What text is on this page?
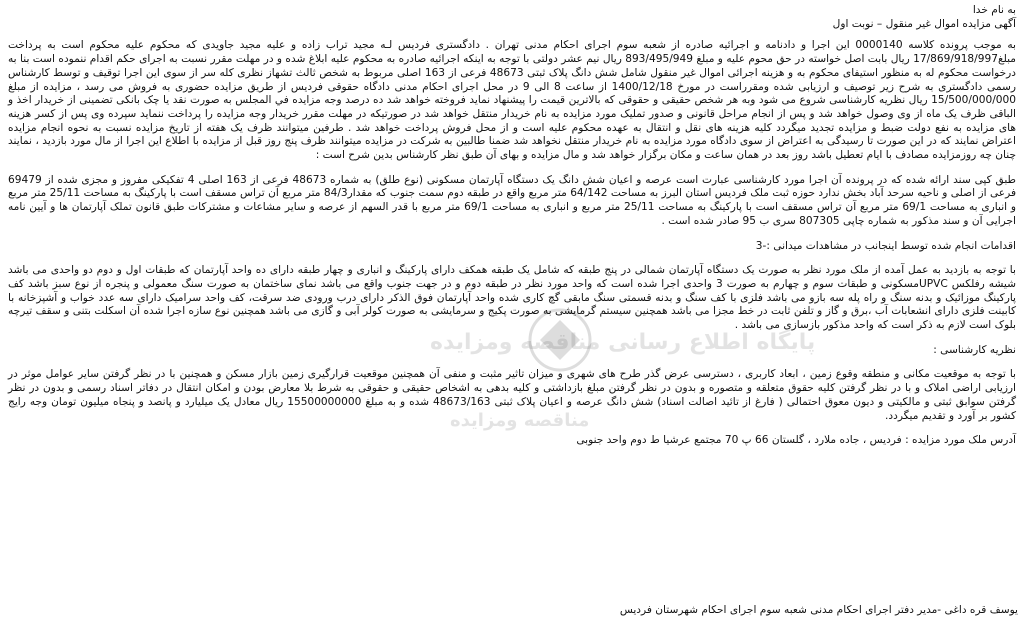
به نام خدا
آگهی مزایده اموال غیر منقول – نوبت اول

به موجب پرونده کلاسه 0000140 اين اجرا و دادنامه و اجرائيه صادره از شعبه سوم اجرای احکام مدنی تهران . دادگستری فردیس لـه مجید تراب زاده و علیه مجید جاویدی که محکوم علیه محکوم است به پرداخت مبلغ17/869/918/997 ريال بابت اصل خواسته در حق محوم علیه و مبلغ 893/495/949 ريال نيم عشر دولتی با توجه به اینکه اجرائیه صادره به محکوم عليه ابلاغ شده و در مهلت مقرر نسبت به اجرای حکم اقدام ننموده است بنا به درخواست محکوم له به منظور استيفای محکوم به و هزينه اجرائی اموال غير منقول شامل شش دانگ پلاک ثبتی 48673 فرعی از 163 اصلی مربوط به شخص ثالث تشهاز نظری کله سر از سوی این اجرا توقيف و توسط کارشناس رسمی دادگستری به شرح زیر توصيف و ارزيابی شده ومقرراست در مورخ 1400/12/18 از ساعت 8 الی 9 در محل اجرای احکام مدنی دادگاه حقوقی فردیس از طريق مزايده حضوری به فروش می رسد ، مزايده از مبلغ 15/500/000/000 ريال نظريه کارشناسی شروع می شود وبه هر شخص حقيقی و حقوقی که بالاترين قيمت را پيشنهاد نمايد فروخته خواهد شد ده درصد وجه مزايده في المجلس به صورت نقد يا چک بانکی تضمينی از خريدار اخذ و الباقی ظرف يک ماه از وی وصول خواهد شد و پس از انجام مراحل قانونی و صدور تمليک مورد مزايده به نام خريدار منتقل خواهد شد در صورتيکه در مهلت مقرر خريدار وجه مزايده را پرداخت ننمايد سپرده وی پس از کسر هزينه های مزايده به نفع دولت ضبط و مزايده تجديد ميگردد کليه هزينه های نقل و انتقال به عهده محکوم عليه است و از محل فروش پرداخت خواهد شد . طرفين ميتوانند ظرف يک هفته از تاريخ مزايده نسبت به نحوه انجام مزايده اعتراض نمايند که در اين صورت تا رسيدگی به اعتراض از سوی دادگاه مورد مزايده به نام خريدار منتقل نخواهد شد ضمنا طالبين به شرکت در مزايده ميتوانند ظرف پنج روز قبل از مزايده با اطلاع اين اجرا از مال مورد بازديد ، نمايند چنان چه روزمزايده مصادف با ايام تعطيل باشد روز بعد در همان ساعت و مکان برگزار خواهد شد و مال مزايده و بهای آن طبق نظر کارشناس بدين شرح است :

طبق کپی سند ارائه شده که در پرونده آن اجرا مورد کارشناسی عبارت است عرصه و اعيان شش دانگ يک دستگاه آپارتمان مسکونی (نوع طلق) به شماره 48673 فرعی از 163 اصلی 4 تفکيکی مفروز و مجزی شده از 69479 فرعی از اصلی و ناحيه سرحد آباد بخش ندارد حوزه ثبت ملک فرديس استان البرز به مساحت 64/142 متر مربع واقع در طبقه دوم سمت جنوب که مقدار84/3 متر مربع آن تراس مسقف است با پارکينگ به مساحت 25/11 متر مربع و انباری به مساحت 69/1 متر مربع آن تراس مسقف است با پارکينگ به مساحت 25/11 متر مربع و انباری به مساحت 69/1 متر مربع با قدر السهم از عرصه و ساير مشاعات و مشترکات طبق قانون تملک آپارتمان ها و آيين نامه اجرايی آن و سند مذکور به شماره چاپی 807305 سری ب 95 صادر شده است .

اقدامات انجام شده توسط اينجانب در مشاهدات ميدانی :-3

با توجه به بازديد به عمل آمده از ملک مورد نظر به صورت يک دستگاه آپارتمان شمالی در پنج طبقه که شامل يک طبقه همکف دارای پارکينگ و انباری و چهار طبقه دارای ده واحد آپارتمان که طبقات اول و دوم دو واحدی می باشد شيشه رفلکس UPVCمسکونی و طبقات سوم و چهارم به صورت 3 واحدی اجرا شده است که واحد مورد نظر در طبقه دوم و در جهت جنوب واقع می باشد نمای ساختمان به صورت سنگ معمولی و پنجره از نوع سبز باشد کف پارکينگ موزائيک و بدنه سنگ و راه پله سه بازو می باشد فلزی با کف سنگ و بدنه قسمتی سنگ مابقی گچ کاری شده واحد آپارتمان فوق الذکر دارای درب ورودی ضد سرقت، کف واحد سراميک دارای سه عدد خواب و آشپزخانه با کابينت فلزی دارای انشعابات آب ،برق و گاز و تلفن ثابت در خط مجزا می باشد همچنين سيستم گرمايشی به صورت پکيج و سرمايشی به صورت کولر آبی و گازی می باشد همچنين نوع سازه اجرا شده آن اسکلت بتنی و سقف تيرچه بلوک است لازم به ذکر است که واحد مذکور بازسازی می باشد .

نظريه کارشناسی :

با توجه به موقعيت مکانی و منطقه وقوع زمين ، ابعاد کاربری ، دسترسی عرض گذر طرح های شهری و ميزان تاثير مثبت و منفی آن همچنين موقعيت قرارگيری زمين بازار مسکن و همچنين با در نظر گرفتن ساير عوامل موثر در ارزيابی اراضی املاک و با در نظر گرفتن کليه حقوق متعلقه و متصوره و بدون در نظر گرفتن مبلغ بازداشتی و کليه بدهی به اشخاص حقيقی و حقوقی به شرط بلا معارض بودن و امکان انتقال در دفاتر اسناد رسمی و بدون در نظر گرفتن سوابق ثبتی و مالکيتی و ديون معوق احتمالی ( فارغ از تائيد اصالت اسناد) شش دانگ عرصه و اعيان پلاک ثبتی 48673/163 شده و به مبلغ 15500000000 ريال معادل يک ميليارد و پانصد و پنجاه ميليون تومان وجه رايج کشور بر آورد و تقديم ميگردد.

آدرس ملک مورد مزايده : فرديس ، جاده ملارد ، گلستان 66 پ 70 مجتمع عرشيا ط دوم واحد جنوبی

پایگاه اطلاع رسانی مناقصه ومزایده
مناقصه ومزایده
يوسف قره داغی -مدير دفتر اجرای احکام مدنی شعبه سوم اجرای احکام شهرستان فرديس
